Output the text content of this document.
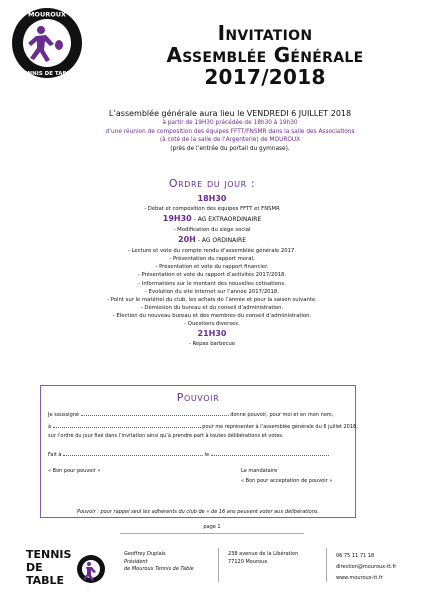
MOUROUX
TENNIS DE TABLE
Invitation
Assemblée Générale
2017/2018
L’assemblée générale aura lieu le VENDREDI 6 JUILLET 2018
à partir de 19H30 précédée de 18h30 à 19h30
d’une réunion de composition des équipes FFTT/FNSMR dans la salle des Associations
(à coté de la salle de l’Argenterie) de MOUROUX
(près de l’entrée du portail du gymnase).
Ordre du jour :
18H30
- Débat et composition des équipes FFTT et FNSMR
19H30 - AG EXTRAORDINAIRE
- Modification du siège social
20H - AG ORDINAIRE
- Lecture et vote du compte rendu d’assemblée générale 2017.
- Présentation du rapport moral.
- Présentation et vote du rapport financier.
- Présentation et vote du rapport d’activités 2017/2018.
- Informations sur le montant des nouvelles cotisations.
- Evolution du site internet sur l’année 2017/2018.
- Point sur le matériel du club, les achats de l’année et pour la saison suivante.
- Démission du bureau et du conseil d’administration.
- Election du nouveau bureau et des membres du conseil d’administration.
- Questions diverses.
21H30
- Repas barbecue
Pouvoir
Je soussigné	donne pouvoir, pour moi et en mon nom,
à	pour me représenter à l’assemblée générale du 6 juillet 2018,
sur l’ordre du jour fixé dans l’invitation ainsi qu’à prendre part à toutes délibérations et votes.
Fait à	le
« Bon pour pouvoir »	Le mandataire
« Bon pour acceptation de pouvoir »
Pouvoir : pour rappel seul les adhérents du club de « de 16 ans peuvent voter aux délibérations.
page 1
TENNIS
DE
TABLE
Geoffrey Duplais
Président
de Mouroux Tennis de Table
238 avenue de la Libération
77120 Mouroux
06 75 11 71 18
direction@mouroux-tt.fr
www.mouroux-tt.fr
